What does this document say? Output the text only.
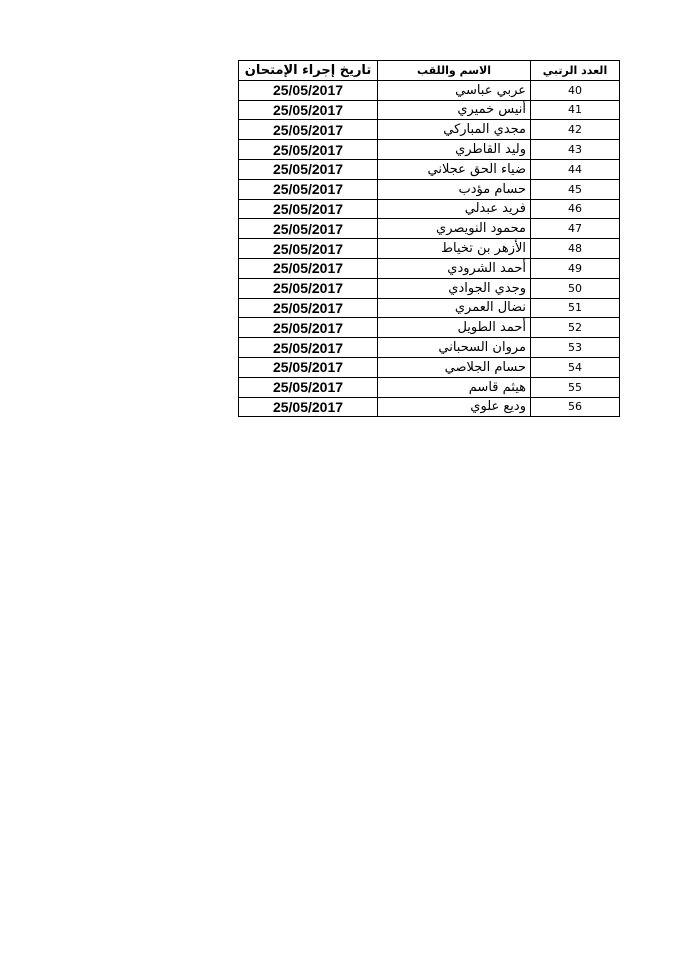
العدد الرتبي	الاسم واللقب	تاريخ إجراء الإمتحان
40	عربي عباسي	25/05/2017
41	أنيس خميري	25/05/2017
42	مجدي المباركي	25/05/2017
43	وليد القاطري	25/05/2017
44	ضياء الحق عجلاني	25/05/2017
45	حسام مؤدب	25/05/2017
46	فريد عبدلي	25/05/2017
47	محمود النويصري	25/05/2017
48	الأزهر بن تخياط	25/05/2017
49	أحمد الشرودي	25/05/2017
50	وجدي الجوادي	25/05/2017
51	نضال العمري	25/05/2017
52	أحمد الطويل	25/05/2017
53	مروان السحباني	25/05/2017
54	حسام الجلاصي	25/05/2017
55	هيثم قاسم	25/05/2017
56	وديع علوي	25/05/2017
